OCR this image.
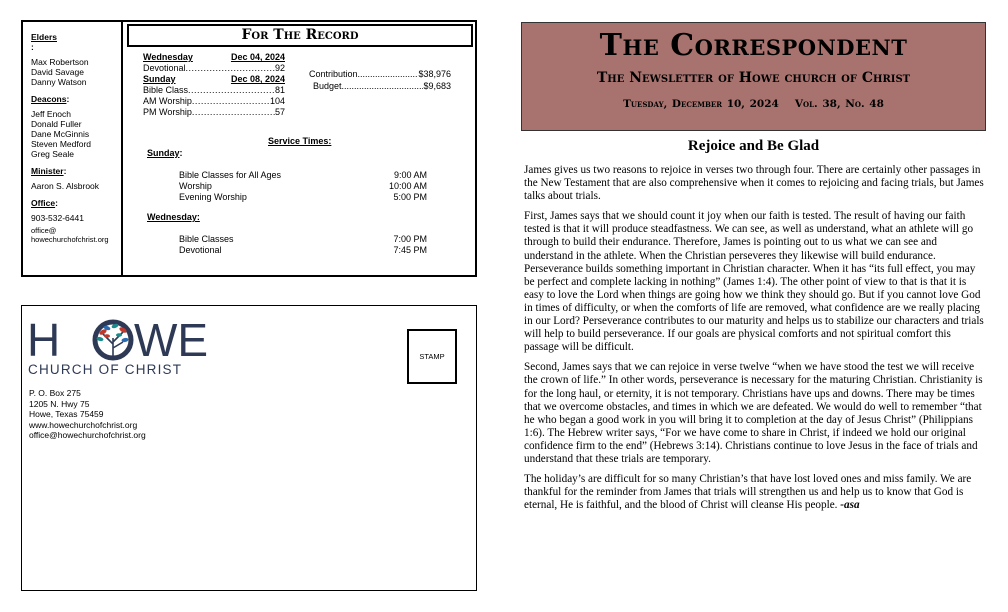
Elders
:
Max Robertson
David Savage
Danny Watson
Deacons:
Jeff Enoch
Donald Fuller
Dane McGinnis
Steven Medford
Greg Seale
Minister:
Aaron S. Alsbrook
Office:
903-532-6441
office@
howechurchofchrist.org
For The Record
Wednesday	Dec 04, 2024
Devotional .....	92
Sunday	Dec 08, 2024
Bible Class .....	81
AM Worship .....	104
PM Worship .....	57
Contribution .....	$38,976
Budget .....	$9,683
Service Times:
Sunday:
Bible Classes for All Ages	9:00 AM
Worship	10:00 AM
Evening Worship	5:00 PM
Wednesday:
Bible Classes	7:00 PM
Devotional	7:45 PM
H WE
CHURCH OF CHRIST
STAMP
P. O. Box 275
1205 N. Hwy 75
Howe, Texas 75459
www.howechurchofchrist.org
office@howechurchofchrist.org
The Correspondent
The Newsletter of Howe church of Christ
Tuesday, December 10, 2024 Vol. 38, No. 48
Rejoice and Be Glad

James gives us two reasons to rejoice in verses two through four. There are certainly other passages in the New Testament that are also comprehensive when it comes to rejoicing and facing trials, but James talks about trials.

First, James says that we should count it joy when our faith is tested. The result of having our faith tested is that it will produce steadfastness. We can see, as well as understand, what an athlete will go through to build their endurance. Therefore, James is pointing out to us what we can see and understand in the athlete. When the Christian perseveres they likewise will build endurance. Perseverance builds something important in Christian character. When it has “its full effect, you may be perfect and complete lacking in nothing” (James 1:4). The other point of view to that is that it is easy to love the Lord when things are going how we think they should go. But if you cannot love God in times of difficulty, or when the comforts of life are removed, what confidence are we really placing in our Lord? Perseverance contributes to our maturity and helps us to stabilize our characters and trials will help to build perseverance. If our goals are physical comforts and not spiritual comfort this passage will be difficult.

Second, James says that we can rejoice in verse twelve “when we have stood the test we will receive the crown of life.” In other words, perseverance is necessary for the maturing Christian. Christianity is for the long haul, or eternity, it is not temporary. Christians have ups and downs. There may be times that we overcome obstacles, and times in which we are defeated. We would do well to remember “that he who began a good work in you will bring it to completion at the day of Jesus Christ” (Philippians 1:6). The Hebrew writer says, “For we have come to share in Christ, if indeed we hold our original confidence firm to the end” (Hebrews 3:14). Christians continue to love Jesus in the face of trials and understand that these trials are temporary.

The holiday’s are difficult for so many Christian’s that have lost loved ones and miss family. We are thankful for the reminder from James that trials will strengthen us and help us to know that God is eternal, He is faithful, and the blood of Christ will cleanse His people. -asa
